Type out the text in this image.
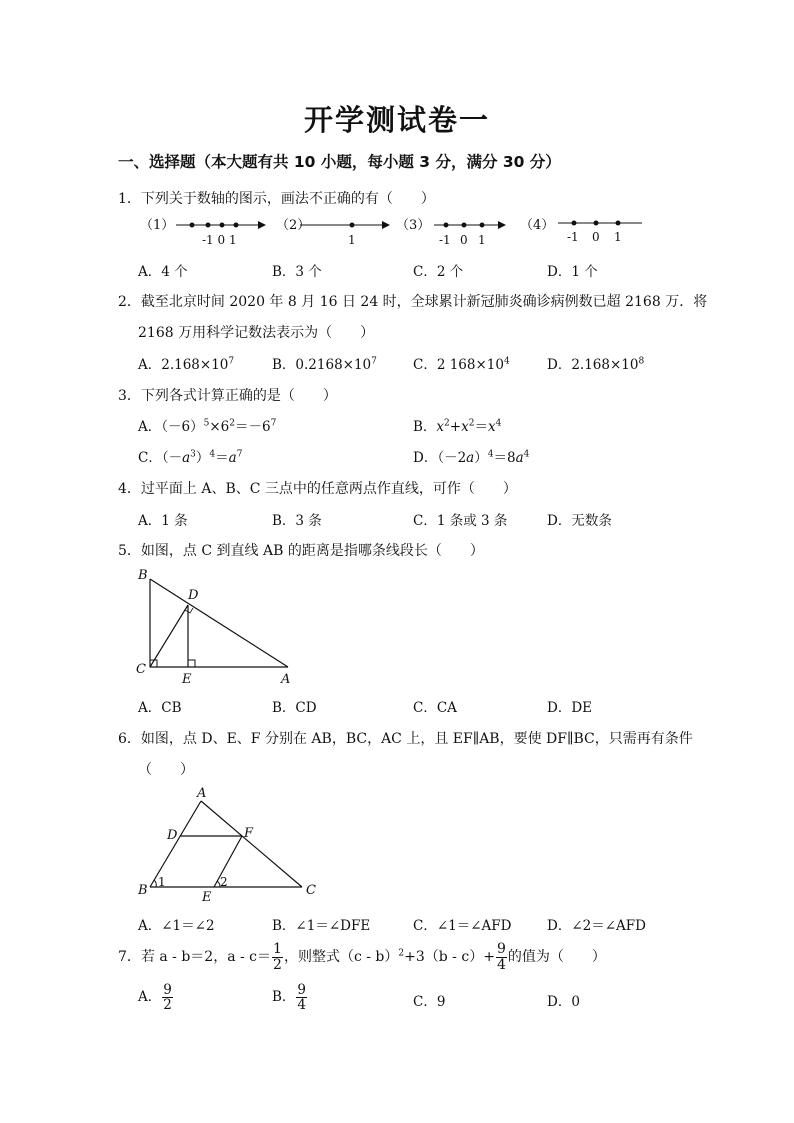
开学测试卷一
一、选择题（本大题有共 10 小题，每小题 3 分，满分 30 分）
1．下列关于数轴的图示，画法不正确的有（　　）
（1）
-1 0 1
（2）
1
（3）
-1 0 1
（4）
-1 0 1
A．4 个	B．3 个	C．2 个	D．1 个
2．截至北京时间 2020 年 8 月 16 日 24 时，全球累计新冠肺炎确诊病例数已超 2168 万．将
2168 万用科学记数法表示为（　　）
A．$2.168\times 10^7$	B．$0.2168\times 10^7$	C．2 $168\times 10^4$	D．$2.168\times 10^8$
3．下列各式计算正确的是（　　）
A．$(-6)^5\times 6^2=-6^7$	B．$x^2+x^2=x^4$
C．$(-a^3)^4=a^7$	D．$(-2a)^4=8a^4$
4．过平面上 A、B、C 三点中的任意两点作直线，可作（　　）
A．1 条	B．3 条	C．1 条或 3 条	D．无数条
5．如图，点 C 到直线 AB 的距离是指哪条线段长（　　）
B
D
C
E	A
A．CB	B．CD	C．CA	D．DE
6．如图，点 D、E、F 分别在 AB，BC，AC 上，且 EF∥AB，要使 DF∥BC，只需再有条件
（　　）
A
D	F
B
1
E
2
C
A．∠1＝∠2	B．∠1＝∠DFE	C．∠1＝∠AFD	D．∠2＝∠AFD
7．若 a - b＝2，$a - c= \frac{1}{2}$ ，则整式$(c - b)^2+3(b - c)+ \frac{9}{4}$ 的值为（　　）
A． $\frac{9}{2}$	B． $\frac{9}{4}$	C．9	D．0
